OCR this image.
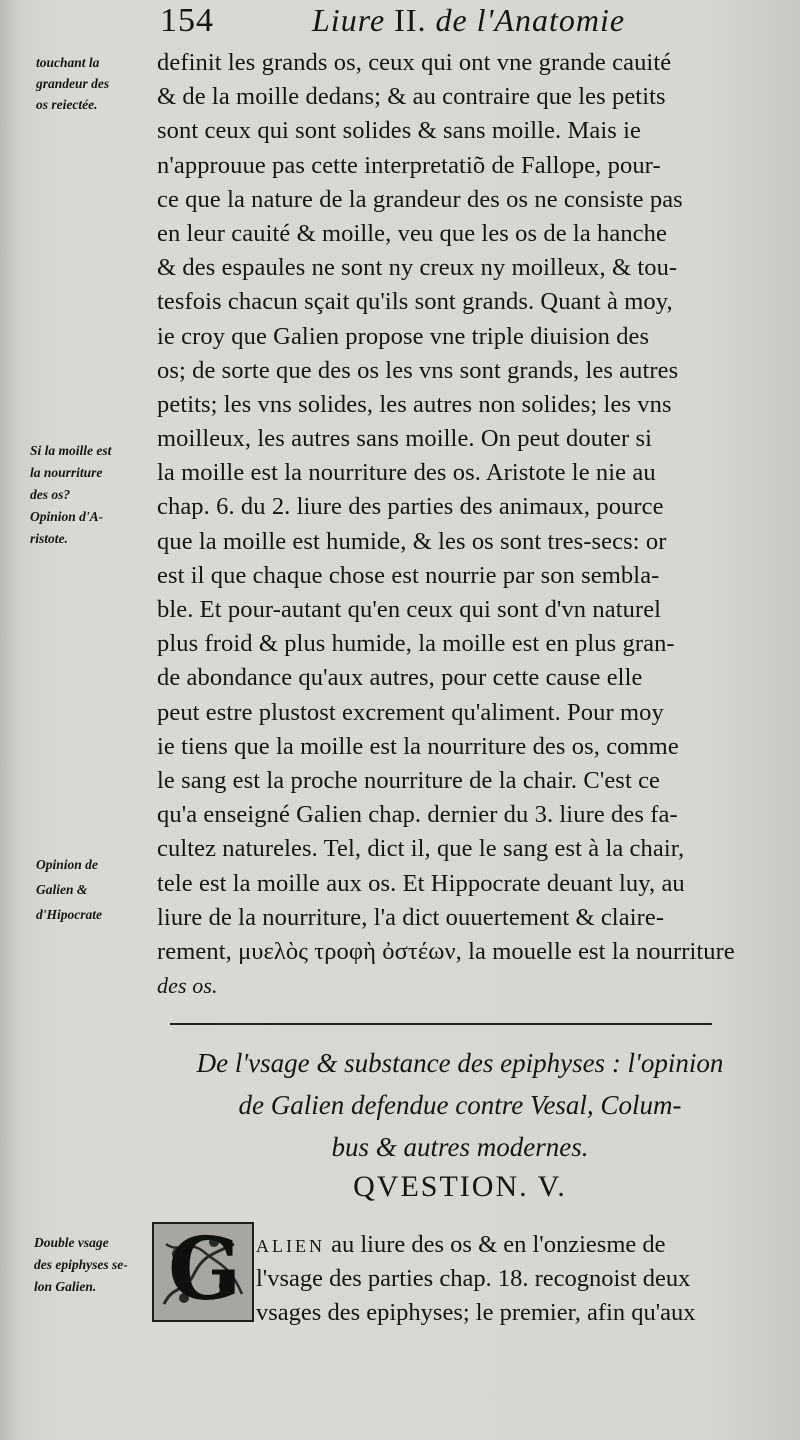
154	Liure II. de l'Anatomie
touchant la
grandeur des
os reiectée.
Si la moille est
la nourriture
des os?
Opinion d'A-
ristote.
Opinion de
Galien &
d'Hipocrate
Double vsage
des epiphyses se-
lon Galien.
definit les grands os, ceux qui ont vne grande cauité
& de la moille dedans; & au contraire que les petits
sont ceux qui sont solides & sans moille. Mais ie
n'approuue pas cette interpretatiõ de Fallope, pour-
ce que la nature de la grandeur des os ne consiste pas
en leur cauité & moille, veu que les os de la hanche
& des espaules ne sont ny creux ny moilleux, & tou-
tesfois chacun sçait qu'ils sont grands. Quant à moy,
ie croy que Galien propose vne triple diuision des
os; de sorte que des os les vns sont grands, les autres
petits; les vns solides, les autres non solides; les vns
moilleux, les autres sans moille. On peut douter si
la moille est la nourriture des os. Aristote le nie au
chap. 6. du 2. liure des parties des animaux, pource
que la moille est humide, & les os sont tres-secs: or
est il que chaque chose est nourrie par son sembla-
ble. Et pour-autant qu'en ceux qui sont d'vn naturel
plus froid & plus humide, la moille est en plus gran-
de abondance qu'aux autres, pour cette cause elle
peut estre plustost excrement qu'aliment. Pour moy
ie tiens que la moille est la nourriture des os, comme
le sang est la proche nourriture de la chair. C'est ce
qu'a enseigné Galien chap. dernier du 3. liure des fa-
cultez natureles. Tel, dict il, que le sang est à la chair,
tele est la moille aux os. Et Hippocrate deuant luy, au
liure de la nourriture, l'a dict ouuertement & claire-
rement, μυελὸς τροφὴ ὀστέων, la mouelle est la nourriture
des os.
De l'vsage & substance des epiphyses : l'opinion
de Galien defendue contre Vesal, Colum-
bus & autres modernes.
QVESTION. V.
G ALIEN au liure des os & en l'onziesme de
l'vsage des parties chap. 18. recognoist deux
vsages des epiphyses; le premier, afin qu'aux
